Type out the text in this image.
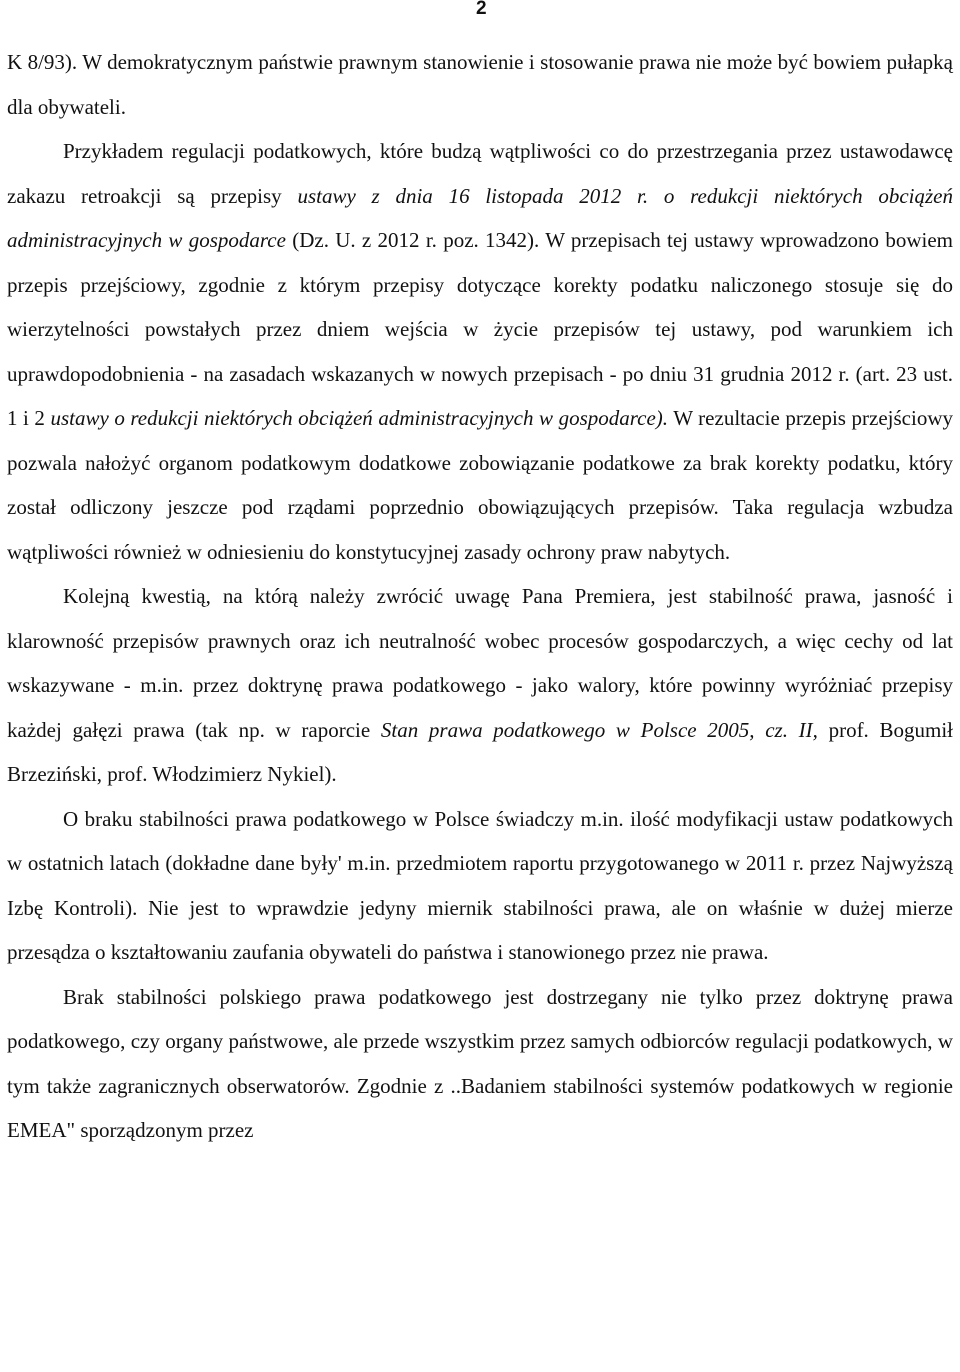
2

K 8/93). W demokratycznym państwie prawnym stanowienie i stosowanie prawa nie może być bowiem pułapką dla obywateli.

Przykładem regulacji podatkowych, które budzą wątpliwości co do przestrzegania przez ustawodawcę zakazu retroakcji są przepisy ustawy z dnia 16 listopada 2012 r. o redukcji niektórych obciążeń administracyjnych w gospodarce (Dz. U. z 2012 r. poz. 1342). W przepisach tej ustawy wprowadzono bowiem przepis przejściowy, zgodnie z którym przepisy dotyczące korekty podatku naliczonego stosuje się do wierzytelności powstałych przez dniem wejścia w życie przepisów tej ustawy, pod warunkiem ich uprawdopodobnienia - na zasadach wskazanych w nowych przepisach - po dniu 31 grudnia 2012 r. (art. 23 ust. 1 i 2 ustawy o redukcji niektórych obciążeń administracyjnych w gospodarce). W rezultacie przepis przejściowy pozwala nałożyć organom podatkowym dodatkowe zobowiązanie podatkowe za brak korekty podatku, który został odliczony jeszcze pod rządami poprzednio obowiązujących przepisów. Taka regulacja wzbudza wątpliwości również w odniesieniu do konstytucyjnej zasady ochrony praw nabytych.

Kolejną kwestią, na którą należy zwrócić uwagę Pana Premiera, jest stabilność prawa, jasność i klarowność przepisów prawnych oraz ich neutralność wobec procesów gospodarczych, a więc cechy od lat wskazywane - m.in. przez doktrynę prawa podatkowego - jako walory, które powinny wyróżniać przepisy każdej gałęzi prawa (tak np. w raporcie Stan prawa podatkowego w Polsce 2005, cz. II, prof. Bogumił Brzeziński, prof. Włodzimierz Nykiel).

O braku stabilności prawa podatkowego w Polsce świadczy m.in. ilość modyfikacji ustaw podatkowych w ostatnich latach (dokładne dane były' m.in. przedmiotem raportu przygotowanego w 2011 r. przez Najwyższą Izbę Kontroli). Nie jest to wprawdzie jedyny miernik stabilności prawa, ale on właśnie w dużej mierze przesądza o kształtowaniu zaufania obywateli do państwa i stanowionego przez nie prawa.

Brak stabilności polskiego prawa podatkowego jest dostrzegany nie tylko przez doktrynę prawa podatkowego, czy organy państwowe, ale przede wszystkim przez samych odbiorców regulacji podatkowych, w tym także zagranicznych obserwatorów. Zgodnie z ..Badaniem stabilności systemów podatkowych w regionie EMEA" sporządzonym przez
